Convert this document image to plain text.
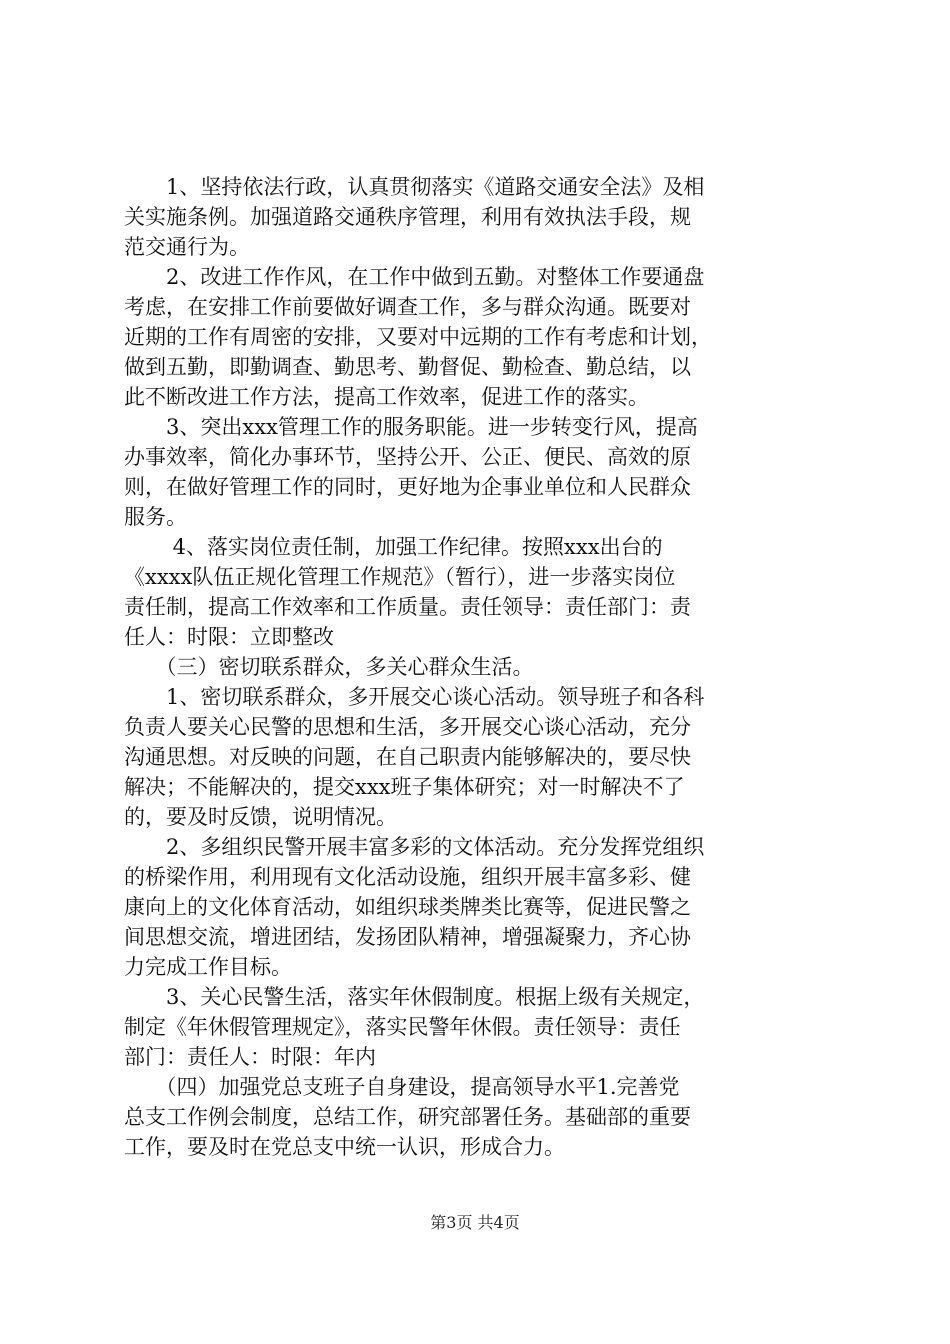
　　1、坚持依法行政，认真贯彻落实《道路交通安全法》及相
关实施条例。加强道路交通秩序管理，利用有效执法手段，规
范交通行为。
　　2、改进工作作风，在工作中做到五勤。对整体工作要通盘
考虑，在安排工作前要做好调查工作，多与群众沟通。既要对
近期的工作有周密的安排，又要对中远期的工作有考虑和计划，
做到五勤，即勤调查、勤思考、勤督促、勤检查、勤总结，以
此不断改进工作方法，提高工作效率，促进工作的落实。
　　3、突出xxx管理工作的服务职能。进一步转变行风，提高
办事效率，简化办事环节，坚持公开、公正、便民、高效的原
则，在做好管理工作的同时，更好地为企事业单位和人民群众
服务。
　　 4、落实岗位责任制，加强工作纪律。按照xxx出台的
《xxxx队伍正规化管理工作规范》（暂行），进一步落实岗位
责任制，提高工作效率和工作质量。责任领导：责任部门：责
任人：时限：立即整改
　　（三）密切联系群众，多关心群众生活。
　　1、密切联系群众，多开展交心谈心活动。领导班子和各科
负责人要关心民警的思想和生活，多开展交心谈心活动，充分
沟通思想。对反映的问题，在自己职责内能够解决的，要尽快
解决；不能解决的，提交xxx班子集体研究；对一时解决不了
的，要及时反馈，说明情况。
　　2、多组织民警开展丰富多彩的文体活动。充分发挥党组织
的桥梁作用，利用现有文化活动设施，组织开展丰富多彩、健
康向上的文化体育活动，如组织球类牌类比赛等，促进民警之
间思想交流，增进团结，发扬团队精神，增强凝聚力，齐心协
力完成工作目标。
　　3、关心民警生活，落实年休假制度。根据上级有关规定，
制定《年休假管理规定》，落实民警年休假。责任领导：责任
部门：责任人：时限：年内
　　（四）加强党总支班子自身建设，提高领导水平1.完善党
总支工作例会制度，总结工作，研究部署任务。基础部的重要
工作，要及时在党总支中统一认识，形成合力。
第3页 共4页
